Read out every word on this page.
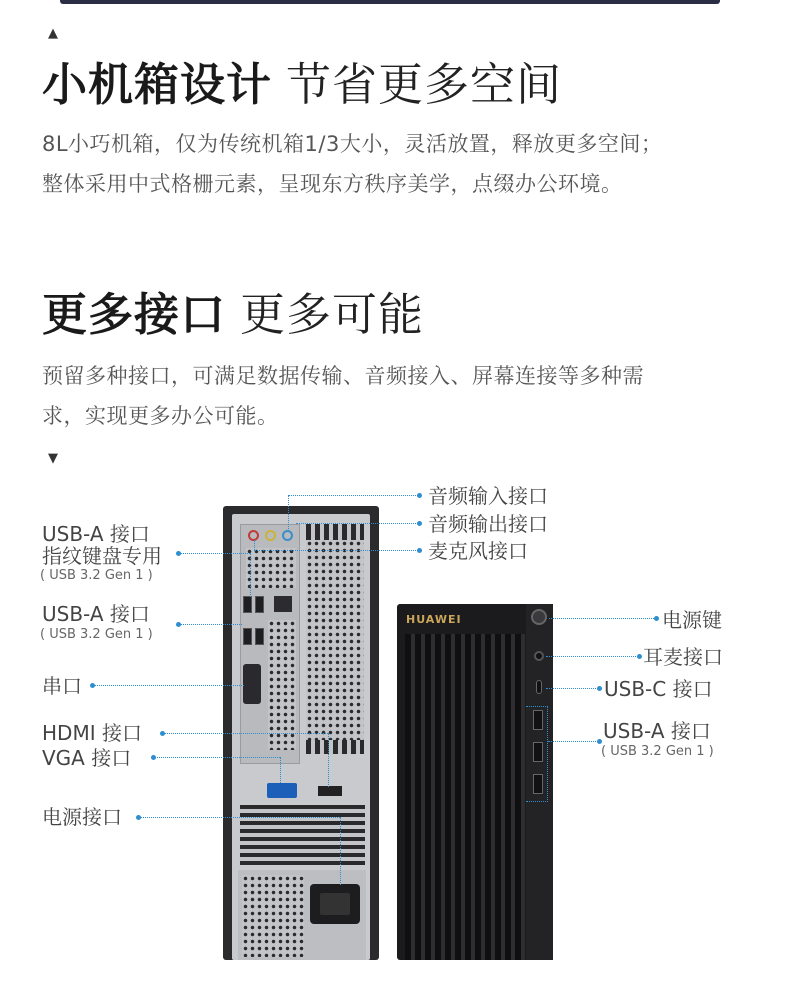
▲
小机箱设计 节省更多空间
8L小巧机箱，仅为传统机箱1/3大小，灵活放置，释放更多空间；
整体采用中式格栅元素，呈现东方秩序美学，点缀办公环境。
更多接口 更多可能
预留多种接口，可满足数据传输、音频接入、屏幕连接等多种需
求，实现更多办公可能。
▼
HUAWEI
音频输入接口
音频输出接口
麦克风接口
USB-A 接口
指纹键盘专用
( USB 3.2 Gen 1 )
USB-A 接口
( USB 3.2 Gen 1 )
串口
HDMI 接口
VGA 接口
电源接口
电源键
耳麦接口
USB-C 接口
USB-A 接口
( USB 3.2 Gen 1 )
